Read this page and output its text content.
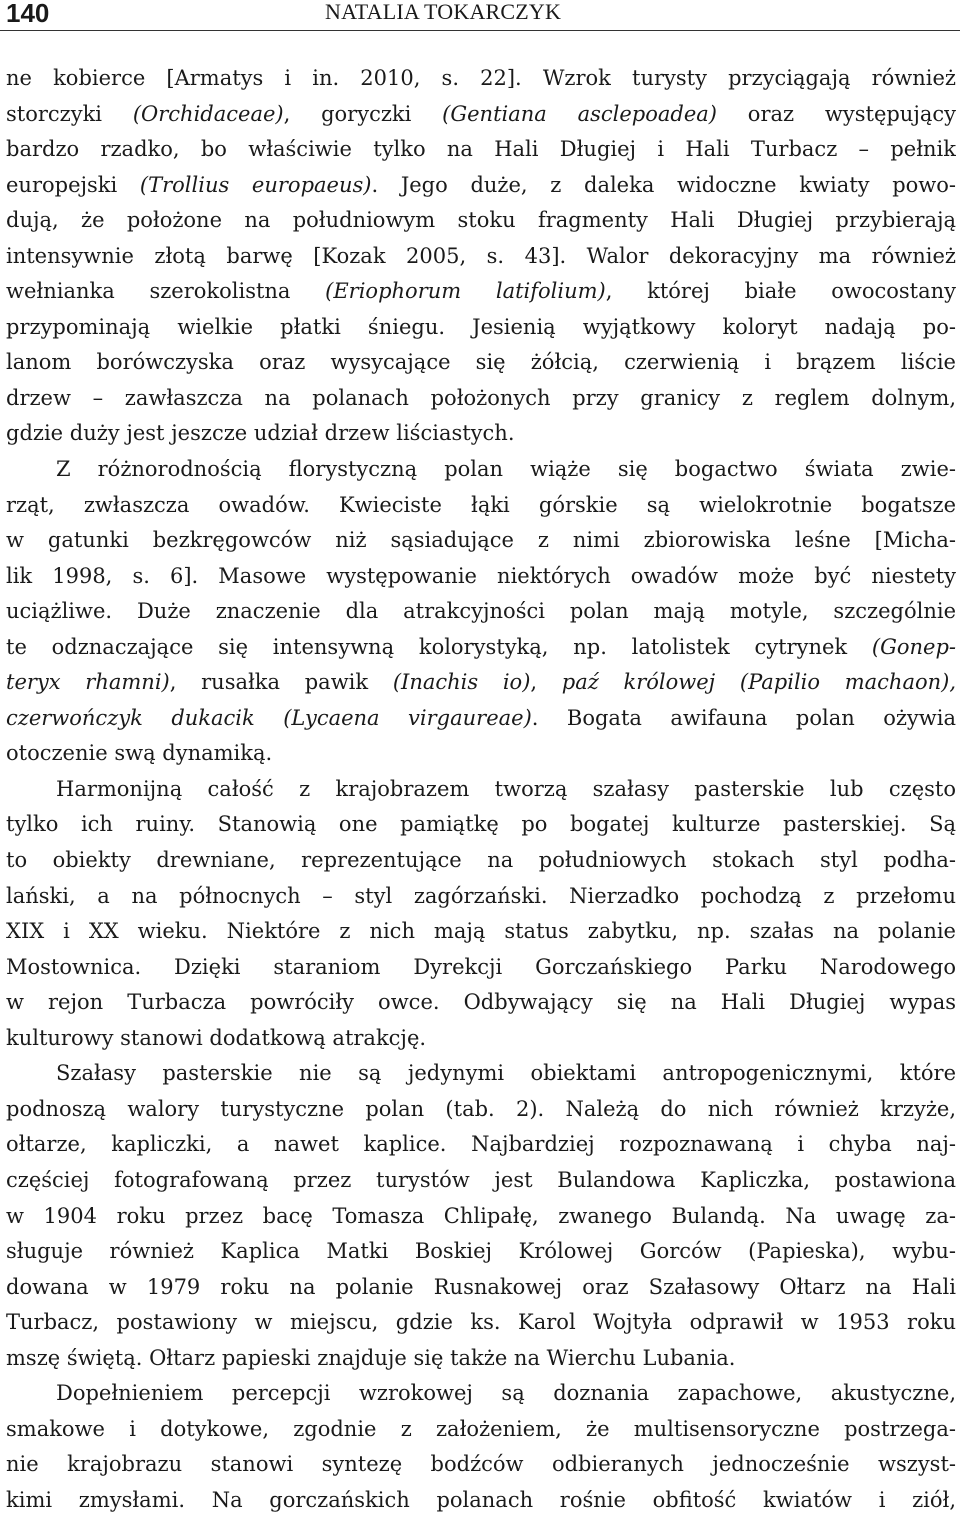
140	NATALIA TOKARCZYK
ne kobierce [Armatys i in. 2010, s. 22]. Wzrok turysty przyciągają również
storczyki (Orchidaceae), goryczki (Gentiana asclepoadea) oraz występujący
bardzo rzadko, bo właściwie tylko na Hali Długiej i Hali Turbacz – pełnik
europejski (Trollius europaeus). Jego duże, z daleka widoczne kwiaty powo-
dują, że położone na południowym stoku fragmenty Hali Długiej przybierają
intensywnie złotą barwę [Kozak 2005, s. 43]. Walor dekoracyjny ma również
wełnianka szerokolistna (Eriophorum latifolium), której białe owocostany
przypominają wielkie płatki śniegu. Jesienią wyjątkowy koloryt nadają po-
lanom borówczyska oraz wysycające się żółcią, czerwienią i brązem liście
drzew – zawłaszcza na polanach położonych przy granicy z reglem dolnym,
gdzie duży jest jeszcze udział drzew liściastych.
Z różnorodnością florystyczną polan wiąże się bogactwo świata zwie-
rząt, zwłaszcza owadów. Kwieciste łąki górskie są wielokrotnie bogatsze
w gatunki bezkręgowców niż sąsiadujące z nimi zbiorowiska leśne [Micha-
lik 1998, s. 6]. Masowe występowanie niektórych owadów może być niestety
uciążliwe. Duże znaczenie dla atrakcyjności polan mają motyle, szczególnie
te odznaczające się intensywną kolorystyką, np. latolistek cytrynek (Gonep-
teryx rhamni), rusałka pawik (Inachis io), paź królowej (Papilio machaon),
czerwończyk dukacik (Lycaena virgaureae). Bogata awifauna polan ożywia
otoczenie swą dynamiką.
Harmonijną całość z krajobrazem tworzą szałasy pasterskie lub często
tylko ich ruiny. Stanowią one pamiątkę po bogatej kulturze pasterskiej. Są
to obiekty drewniane, reprezentujące na południowych stokach styl podha-
lański, a na północnych – styl zagórzański. Nierzadko pochodzą z przełomu
XIX i XX wieku. Niektóre z nich mają status zabytku, np. szałas na polanie
Mostownica. Dzięki staraniom Dyrekcji Gorczańskiego Parku Narodowego
w rejon Turbacza powróciły owce. Odbywający się na Hali Długiej wypas
kulturowy stanowi dodatkową atrakcję.
Szałasy pasterskie nie są jedynymi obiektami antropogenicznymi, które
podnoszą walory turystyczne polan (tab. 2). Należą do nich również krzyże,
ołtarze, kapliczki, a nawet kaplice. Najbardziej rozpoznawaną i chyba naj-
częściej fotografowaną przez turystów jest Bulandowa Kapliczka, postawiona
w 1904 roku przez bacę Tomasza Chlipałę, zwanego Bulandą. Na uwagę za-
sługuje również Kaplica Matki Boskiej Królowej Gorców (Papieska), wybu-
dowana w 1979 roku na polanie Rusnakowej oraz Szałasowy Ołtarz na Hali
Turbacz, postawiony w miejscu, gdzie ks. Karol Wojtyła odprawił w 1953 roku
mszę świętą. Ołtarz papieski znajduje się także na Wierchu Lubania.
Dopełnieniem percepcji wzrokowej są doznania zapachowe, akustyczne,
smakowe i dotykowe, zgodnie z założeniem, że multisensoryczne postrzega-
nie krajobrazu stanowi syntezę bodźców odbieranych jednocześnie wszyst-
kimi zmysłami. Na gorczańskich polanach rośnie obfitość kwiatów i ziół,
